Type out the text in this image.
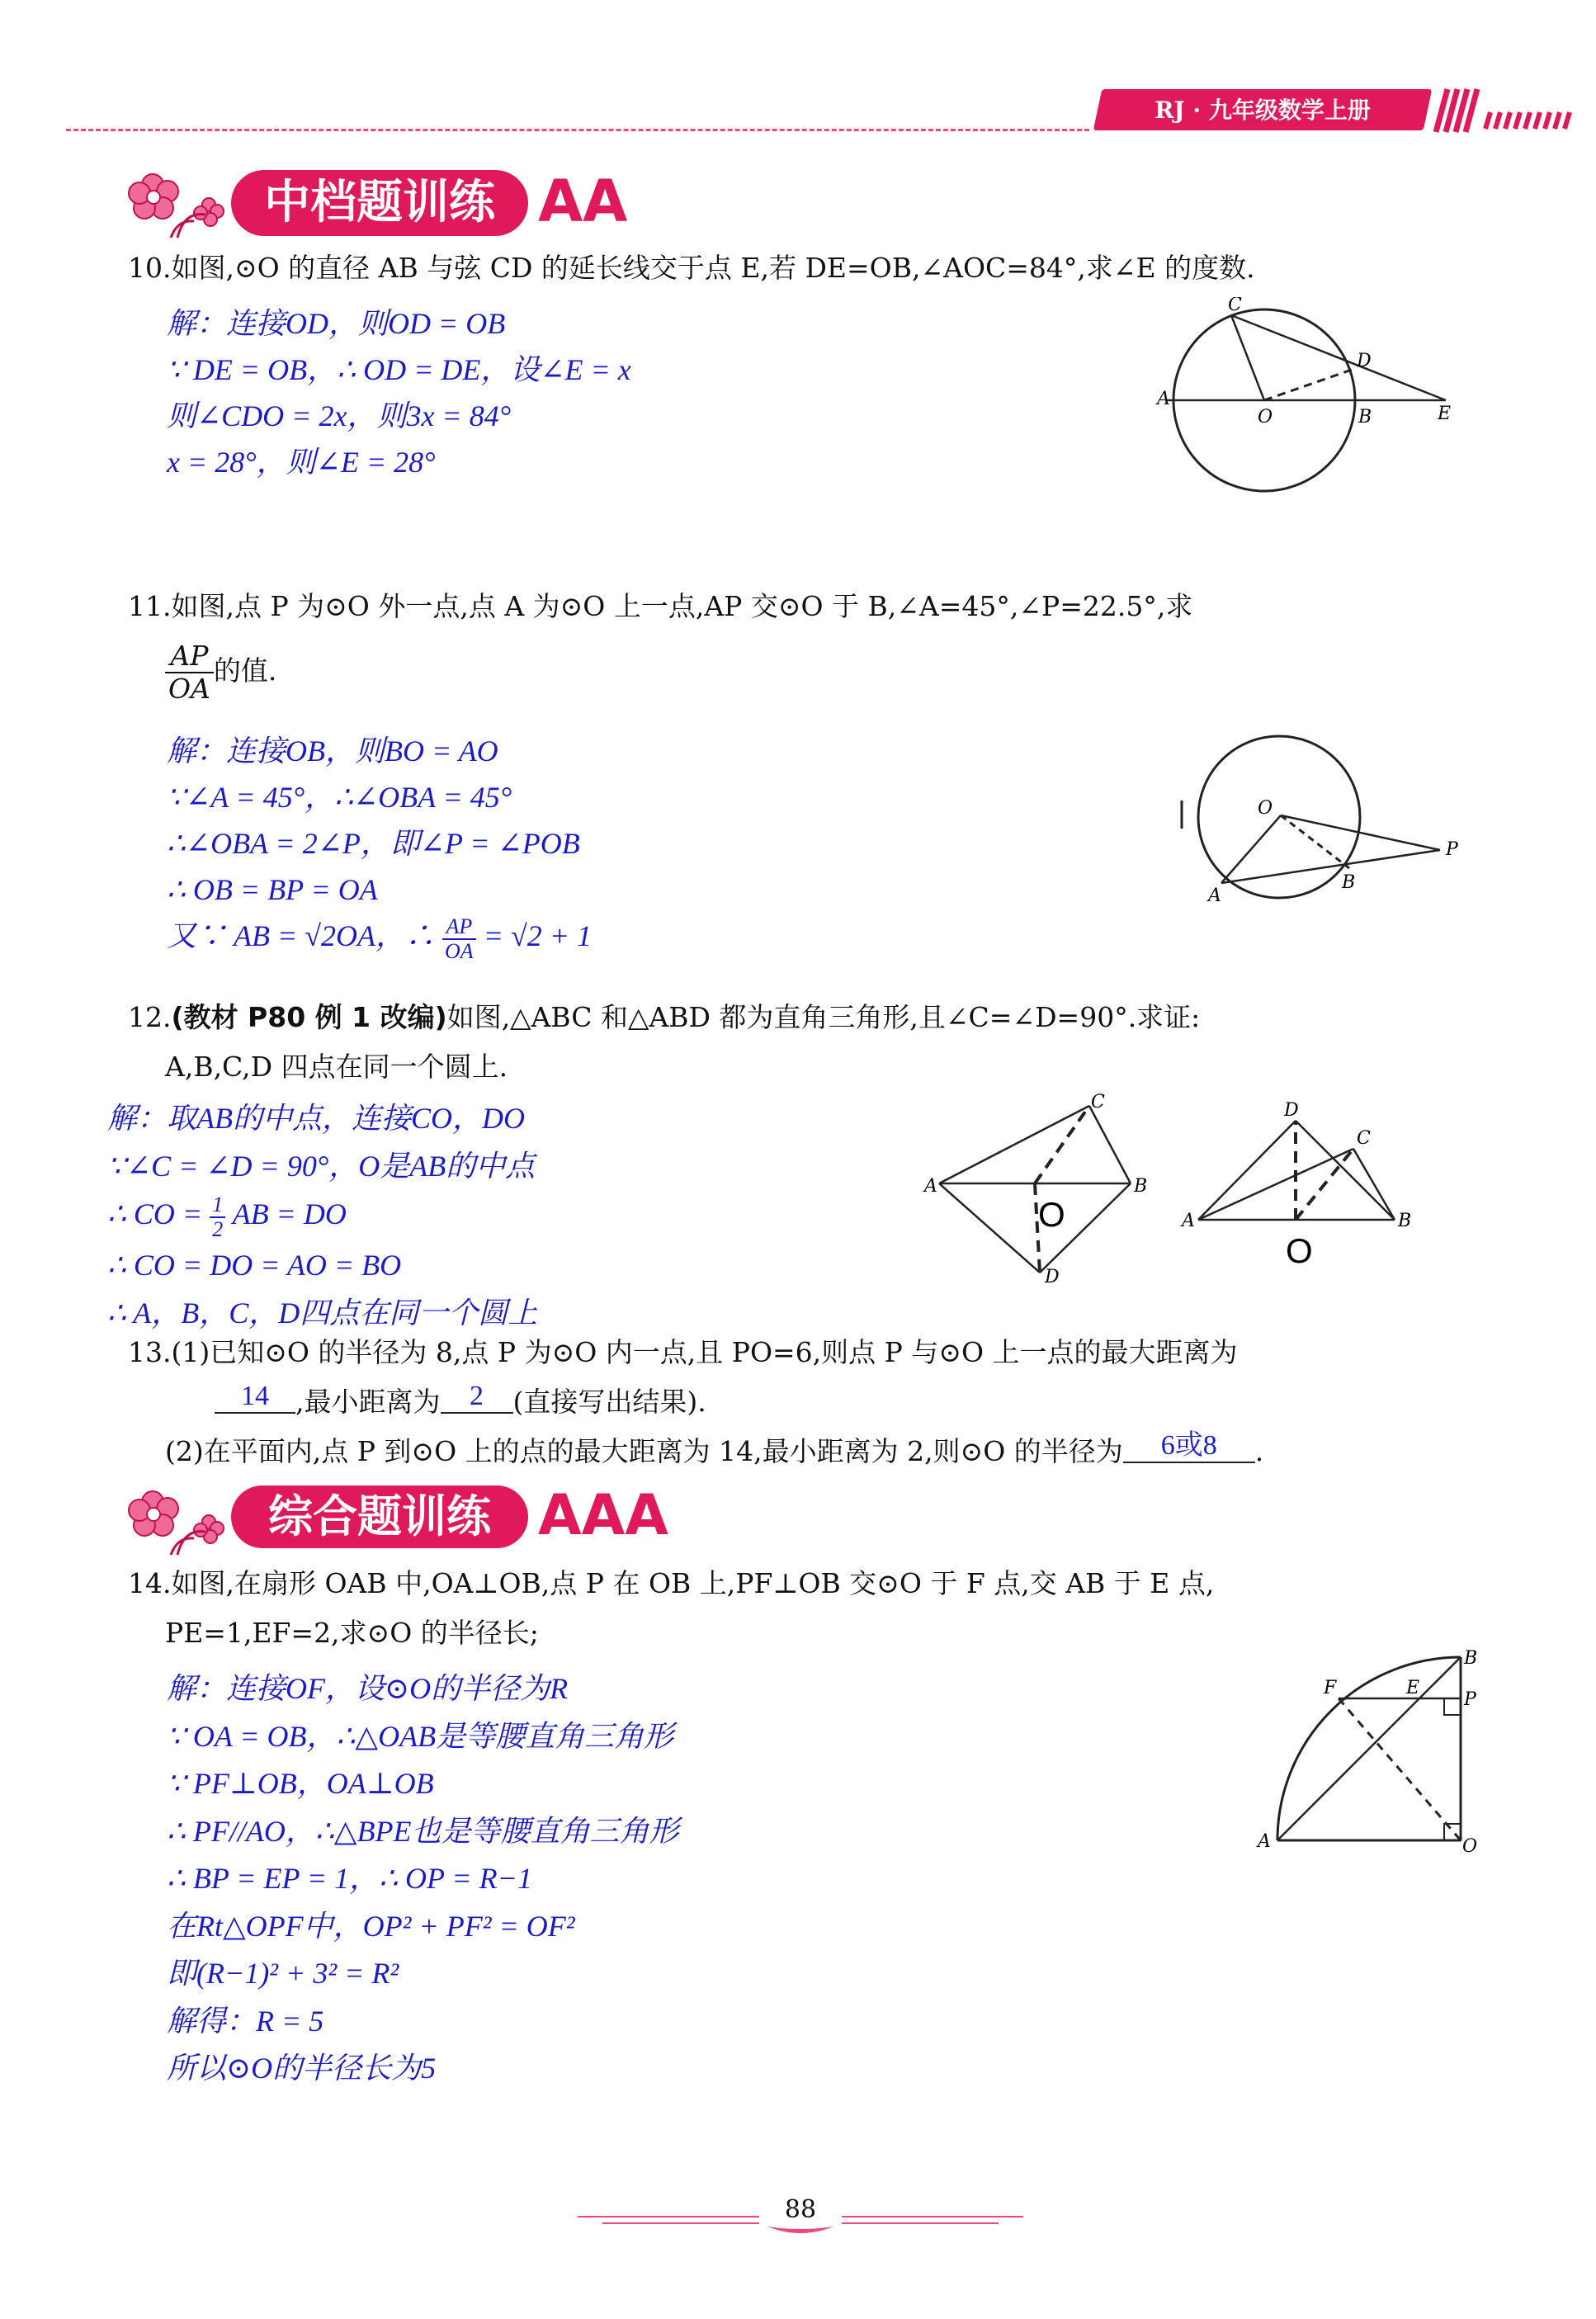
RJ · 九年级数学上册
中档题训练 AA
10.如图,⊙O 的直径 AB 与弦 CD 的延长线交于点 E,若 DE=OB,∠AOC=84°,求∠E 的度数.
解：连接OD，则OD = OB
∵ DE = OB，∴ OD = DE，设∠E = x
则∠CDO = 2x，则3x = 84°
x = 28°，则∠E = 28°
C
D
A
O	B	E
11.如图,点 P 为⊙O 外一点,点 A 为⊙O 上一点,AP 交⊙O 于 B,∠A=45°,∠P=22.5°,求
$\frac{AP}{OA}$ 的值.
解：连接OB，则BO = AO
∵∠A = 45°，∴∠OBA = 45°
∴∠OBA = 2∠P，即∠P = ∠POB
∴ OB = BP = OA
又∵ AB = √2OA，∴ $\frac{AP}{OA} = √2 + 1$
O
A
B
P
12.(教材 P80 例 1 改编)如图,△ABC 和△ABD 都为直角三角形,且∠C=∠D=90°.求证:
A,B,C,D 四点在同一个圆上.
解：取AB的中点，连接CO，DO
∵∠C = ∠D = 90°，O是AB的中点
∴ CO = $\frac{1}{2}$ AB = DO
∴ CO = DO = AO = BO
∴ A，B，C，D四点在同一个圆上
C
A	B
D
O
D
C
A	B
O
13.(1)已知⊙O 的半径为 8,点 P 为⊙O 内一点,且 PO=6,则点 P 与⊙O 上一点的最大距离为
14 ,最小距离为 2 (直接写出结果).
(2)在平面内,点 P 到⊙O 上的点的最大距离为 14,最小距离为 2,则⊙O 的半径为 6或8 .
综合题训练 AAA
14.如图,在扇形 OAB 中,OA⊥OB,点 P 在 OB 上,PF⊥OB 交⊙O 于 F 点,交 AB 于 E 点,
PE=1,EF=2,求⊙O 的半径长;
解：连接OF，设⊙O的半径为R
∵ OA = OB，∴△OAB是等腰直角三角形
∵ PF⊥OB，OA⊥OB
∴ PF//AO，∴△BPE也是等腰直角三角形
∴ BP = EP = 1，∴ OP = R−1
在Rt△OPF中，OP² + PF² = OF²
即(R−1)² + 3² = R²
解得：R = 5
所以⊙O的半径长为5
B
E
F
P
A	O
88
